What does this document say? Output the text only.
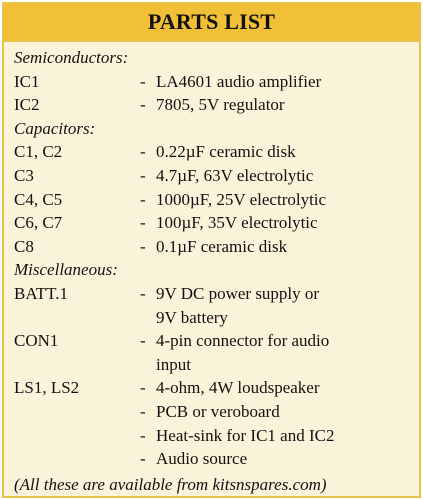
PARTS LIST
Semiconductors:
IC1	- LA4601 audio amplifier
IC2	- 7805, 5V regulator
Capacitors:
C1, C2	- 0.22µF ceramic disk
C3	- 4.7µF, 63V electrolytic
C4, C5	- 1000µF, 25V electrolytic
C6, C7	- 100µF, 35V electrolytic
C8	- 0.1µF ceramic disk
Miscellaneous:
BATT.1	- 9V DC power supply or
9V battery
CON1	- 4-pin connector for audio
input
LS1, LS2	- 4-ohm, 4W loudspeaker
- PCB or veroboard
- Heat-sink for IC1 and IC2
- Audio source
(All these are available from kitsnspares.com)
